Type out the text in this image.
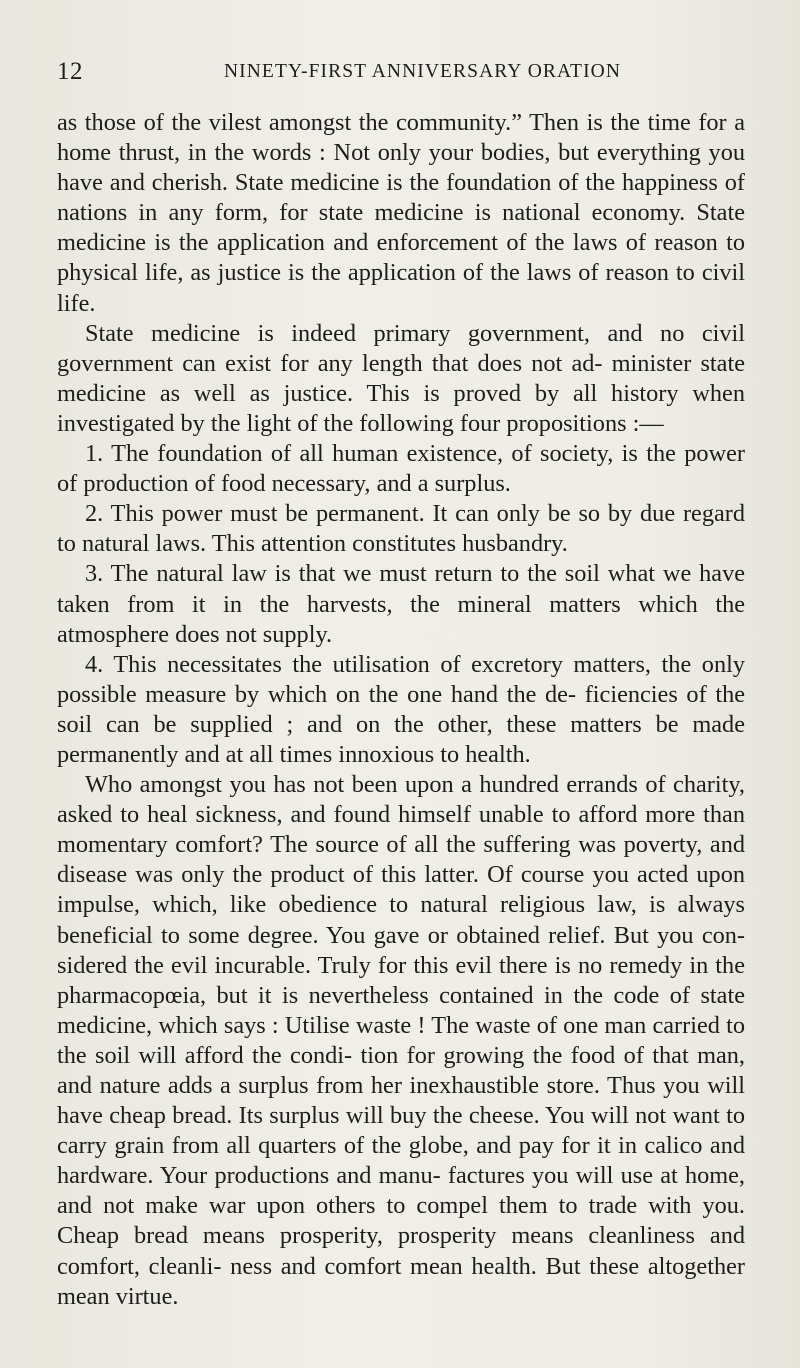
12	NINETY-FIRST ANNIVERSARY ORATION

as those of the vilest amongst the community.” Then is the time for a home thrust, in the words : Not only your bodies, but everything you have and cherish. State medicine is the foundation of the happiness of nations in any form, for state medicine is national economy. State medicine is the application and enforcement of the laws of reason to physical life, as justice is the application of the laws of reason to civil life.

State medicine is indeed primary government, and no civil government can exist for any length that does not ad- minister state medicine as well as justice. This is proved by all history when investigated by the light of the following four propositions :—

1. The foundation of all human existence, of society, is the power of production of food necessary, and a surplus.

2. This power must be permanent. It can only be so by due regard to natural laws. This attention constitutes husbandry.

3. The natural law is that we must return to the soil what we have taken from it in the harvests, the mineral matters which the atmosphere does not supply.

4. This necessitates the utilisation of excretory matters, the only possible measure by which on the one hand the de- ficiencies of the soil can be supplied ; and on the other, these matters be made permanently and at all times innoxious to health.

Who amongst you has not been upon a hundred errands of charity, asked to heal sickness, and found himself unable to afford more than momentary comfort? The source of all the suffering was poverty, and disease was only the product of this latter. Of course you acted upon impulse, which, like obedience to natural religious law, is always beneficial to some degree. You gave or obtained relief. But you con- sidered the evil incurable. Truly for this evil there is no remedy in the pharmacopœia, but it is nevertheless contained in the code of state medicine, which says : Utilise waste ! The waste of one man carried to the soil will afford the condi- tion for growing the food of that man, and nature adds a surplus from her inexhaustible store. Thus you will have cheap bread. Its surplus will buy the cheese. You will not want to carry grain from all quarters of the globe, and pay for it in calico and hardware. Your productions and manu- factures you will use at home, and not make war upon others to compel them to trade with you. Cheap bread means prosperity, prosperity means cleanliness and comfort, cleanli- ness and comfort mean health. But these altogether mean virtue.
